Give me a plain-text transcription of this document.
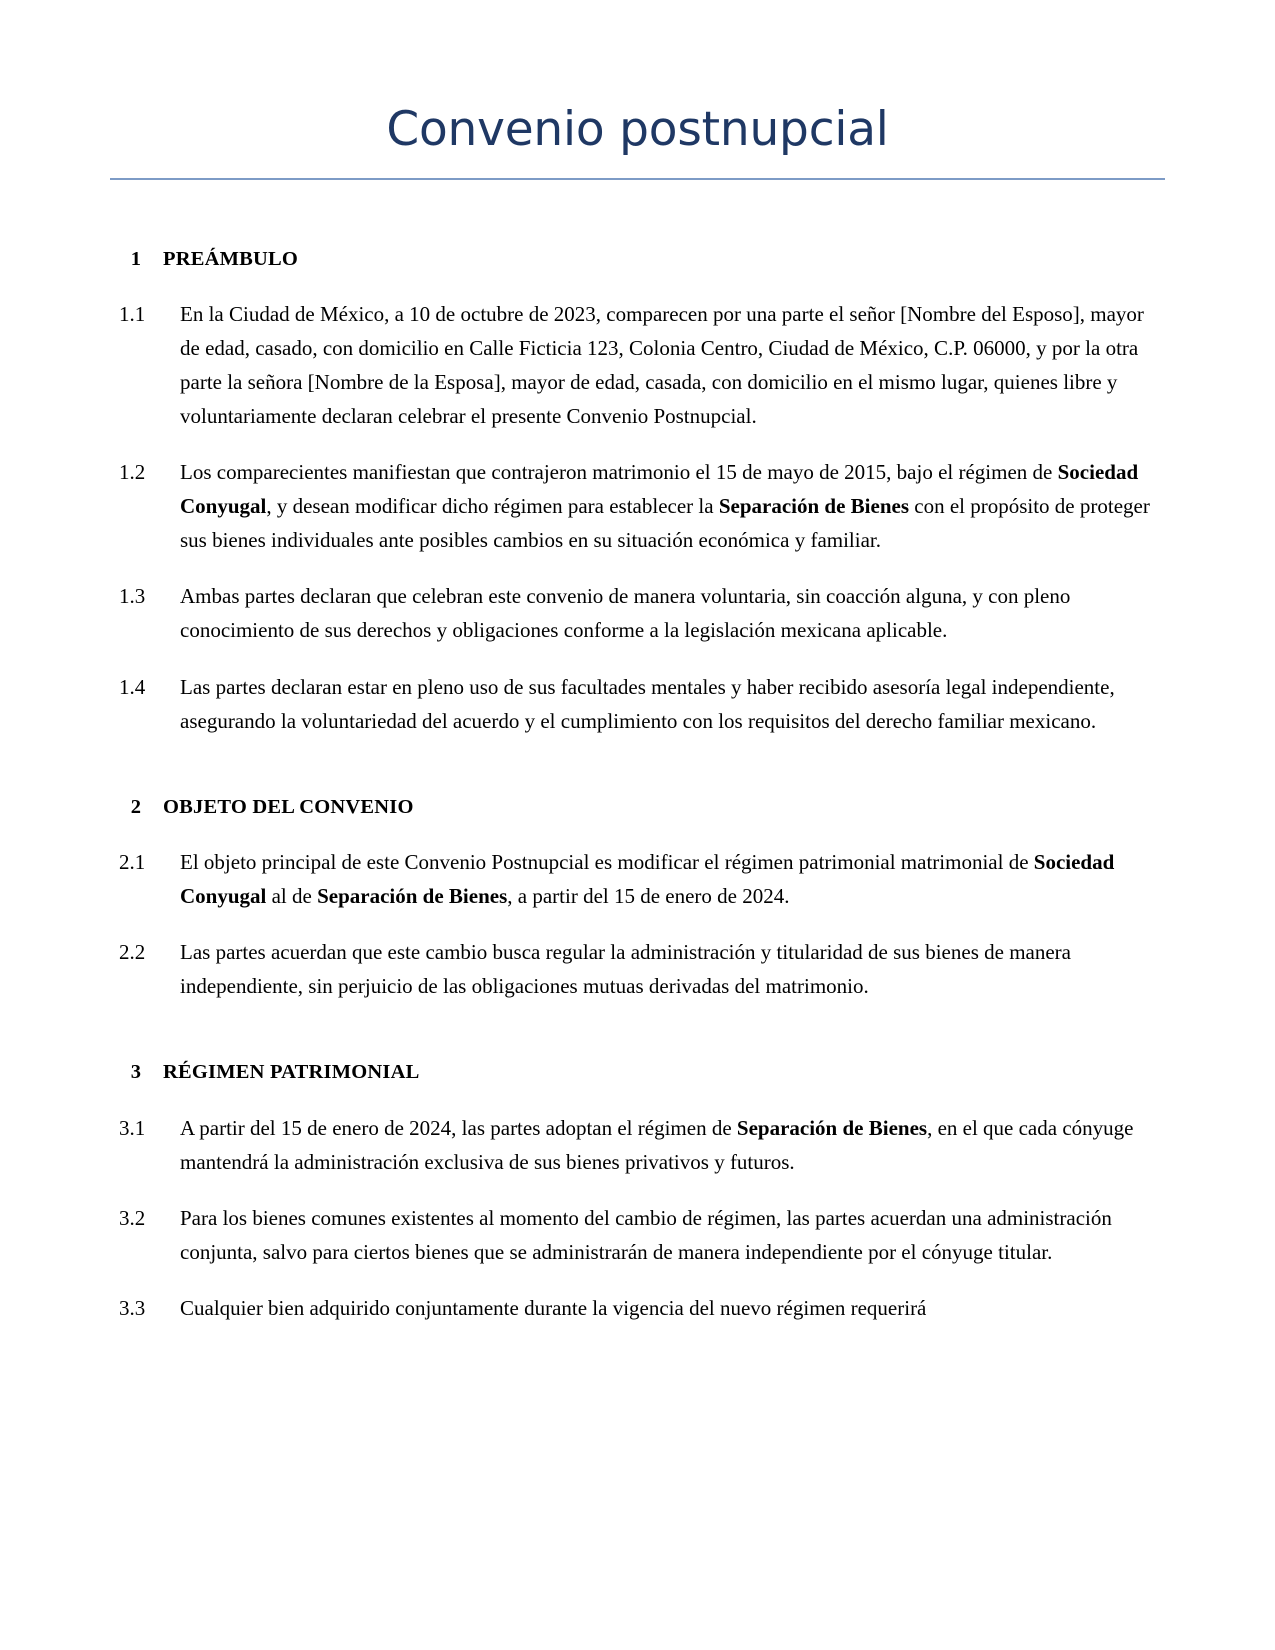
Convenio postnupcial
1	PREÁMBULO
1.1	En la Ciudad de México, a 10 de octubre de 2023, comparecen por una parte el señor [Nombre del Esposo], mayor de edad, casado, con domicilio en Calle Ficticia 123, Colonia Centro, Ciudad de México, C.P. 06000, y por la otra parte la señora [Nombre de la Esposa], mayor de edad, casada, con domicilio en el mismo lugar, quienes libre y voluntariamente declaran celebrar el presente Convenio Postnupcial.
1.2	Los comparecientes manifiestan que contrajeron matrimonio el 15 de mayo de 2015, bajo el régimen de Sociedad Conyugal, y desean modificar dicho régimen para establecer la Separación de Bienes con el propósito de proteger sus bienes individuales ante posibles cambios en su situación económica y familiar.
1.3	Ambas partes declaran que celebran este convenio de manera voluntaria, sin coacción alguna, y con pleno conocimiento de sus derechos y obligaciones conforme a la legislación mexicana aplicable.
1.4	Las partes declaran estar en pleno uso de sus facultades mentales y haber recibido asesoría legal independiente, asegurando la voluntariedad del acuerdo y el cumplimiento con los requisitos del derecho familiar mexicano.
2	OBJETO DEL CONVENIO
2.1	El objeto principal de este Convenio Postnupcial es modificar el régimen patrimonial matrimonial de Sociedad Conyugal al de Separación de Bienes, a partir del 15 de enero de 2024.
2.2	Las partes acuerdan que este cambio busca regular la administración y titularidad de sus bienes de manera independiente, sin perjuicio de las obligaciones mutuas derivadas del matrimonio.
3	RÉGIMEN PATRIMONIAL
3.1	A partir del 15 de enero de 2024, las partes adoptan el régimen de Separación de Bienes, en el que cada cónyuge mantendrá la administración exclusiva de sus bienes privativos y futuros.
3.2	Para los bienes comunes existentes al momento del cambio de régimen, las partes acuerdan una administración conjunta, salvo para ciertos bienes que se administrarán de manera independiente por el cónyuge titular.
3.3	Cualquier bien adquirido conjuntamente durante la vigencia del nuevo régimen requerirá
